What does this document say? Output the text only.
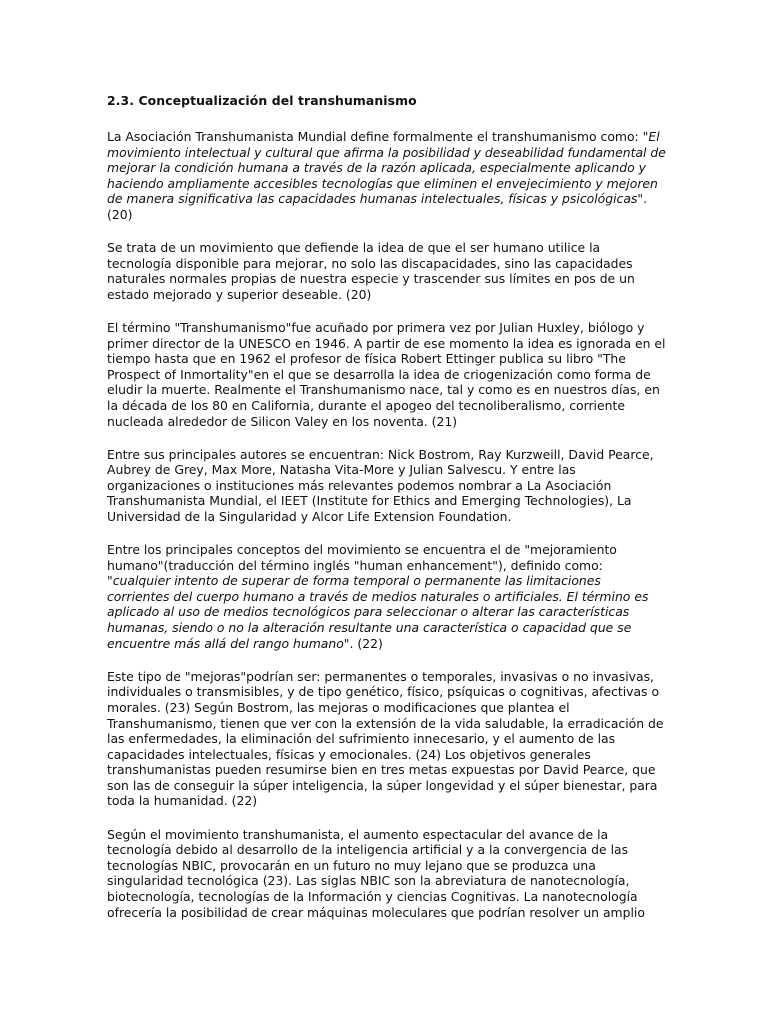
2.3. Conceptualización del transhumanismo

La Asociación Transhumanista Mundial define formalmente el transhumanismo como: "El movimiento intelectual y cultural que afirma la posibilidad y deseabilidad fundamental de mejorar la condición humana a través de la razón aplicada, especialmente aplicando y haciendo ampliamente accesibles tecnologías que eliminen el envejecimiento y mejoren de manera significativa las capacidades humanas intelectuales, físicas y psicológicas". (20)

Se trata de un movimiento que defiende la idea de que el ser humano utilice la tecnología disponible para mejorar, no solo las discapacidades, sino las capacidades naturales normales propias de nuestra especie y trascender sus límites en pos de un estado mejorado y superior deseable. (20)

El término "Transhumanismo"fue acuñado por primera vez por Julian Huxley, biólogo y primer director de la UNESCO en 1946. A partir de ese momento la idea es ignorada en el tiempo hasta que en 1962 el profesor de física Robert Ettinger publica su libro "The Prospect of Inmortality"en el que se desarrolla la idea de criogenización como forma de eludir la muerte. Realmente el Transhumanismo nace, tal y como es en nuestros días, en la década de los 80 en California, durante el apogeo del tecnoliberalismo, corriente nucleada alrededor de Silicon Valey en los noventa. (21)

Entre sus principales autores se encuentran: Nick Bostrom, Ray Kurzweill, David Pearce, Aubrey de Grey, Max More, Natasha Vita-More y Julian Salvescu. Y entre las organizaciones o instituciones más relevantes podemos nombrar a La Asociación Transhumanista Mundial, el IEET (Institute for Ethics and Emerging Technologies), La Universidad de la Singularidad y Alcor Life Extension Foundation.

Entre los principales conceptos del movimiento se encuentra el de "mejoramiento humano"(traducción del término inglés "human enhancement"), definido como: "cualquier intento de superar de forma temporal o permanente las limitaciones corrientes del cuerpo humano a través de medios naturales o artificiales. El término es aplicado al uso de medios tecnológicos para seleccionar o alterar las características humanas, siendo o no la alteración resultante una característica o capacidad que se encuentre más allá del rango humano". (22)

Este tipo de "mejoras"podrían ser: permanentes o temporales, invasivas o no invasivas, individuales o transmisibles, y de tipo genético, físico, psíquicas o cognitivas, afectivas o morales. (23) Según Bostrom, las mejoras o modificaciones que plantea el Transhumanismo, tienen que ver con la extensión de la vida saludable, la erradicación de las enfermedades, la eliminación del sufrimiento innecesario, y el aumento de las capacidades intelectuales, físicas y emocionales. (24) Los objetivos generales transhumanistas pueden resumirse bien en tres metas expuestas por David Pearce, que son las de conseguir la súper inteligencia, la súper longevidad y el súper bienestar, para toda la humanidad. (22)

Según el movimiento transhumanista, el aumento espectacular del avance de la tecnología debido al desarrollo de la inteligencia artificial y a la convergencia de las tecnologías NBIC, provocarán en un futuro no muy lejano que se produzca una singularidad tecnológica (23). Las siglas NBIC son la abreviatura de nanotecnología, biotecnología, tecnologías de la Información y ciencias Cognitivas. La nanotecnología ofrecería la posibilidad de crear máquinas moleculares que podrían resolver un amplio
